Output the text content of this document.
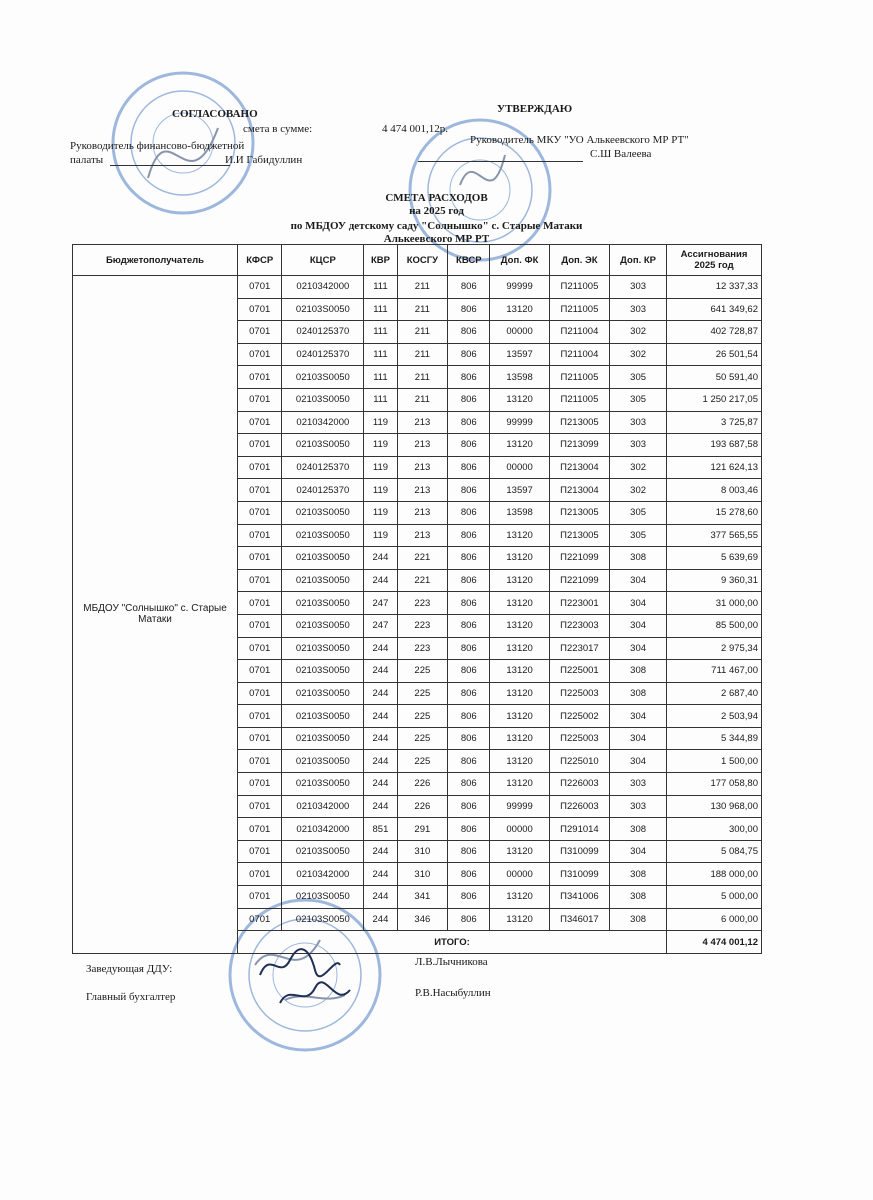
СОГЛАСОВАНО
Руководитель финансово-бюджетной
палаты	И.И Габидуллин
смета в сумме:	4 474 001,12р.
УТВЕРЖДАЮ
Руководитель МКУ "УО Алькеевского МР РТ"
С.Ш Валеева
СМЕТА РАСХОДОВ
на 2025 год
по МБДОУ детскому саду "Солнышко" с. Старые Матаки
Алькеевского МР РТ
Бюджетополучатель	КФСР	КЦСР	КВР	КОСГУ	КВСР	Доп. ФК	Доп. ЭК	Доп. КР	Ассигнования 2025 год
МБДОУ "Солнышко" с. Старые Матаки	0701	0210342000	111	211	806	99999	П211005	303	12 337,33
	0701	02103S0050	111	211	806	13120	П211005	303	641 349,62
	0701	0240125370	111	211	806	00000	П211004	302	402 728,87
	0701	0240125370	111	211	806	13597	П211004	302	26 501,54
	0701	02103S0050	111	211	806	13598	П211005	305	50 591,40
	0701	02103S0050	111	211	806	13120	П211005	305	1 250 217,05
	0701	0210342000	119	213	806	99999	П213005	303	3 725,87
	0701	02103S0050	119	213	806	13120	П213099	303	193 687,58
	0701	0240125370	119	213	806	00000	П213004	302	121 624,13
	0701	0240125370	119	213	806	13597	П213004	302	8 003,46
	0701	02103S0050	119	213	806	13598	П213005	305	15 278,60
	0701	02103S0050	119	213	806	13120	П213005	305	377 565,55
	0701	02103S0050	244	221	806	13120	П221099	308	5 639,69
	0701	02103S0050	244	221	806	13120	П221099	304	9 360,31
	0701	02103S0050	247	223	806	13120	П223001	304	31 000,00
	0701	02103S0050	247	223	806	13120	П223003	304	85 500,00
	0701	02103S0050	244	223	806	13120	П223017	304	2 975,34
	0701	02103S0050	244	225	806	13120	П225001	308	711 467,00
	0701	02103S0050	244	225	806	13120	П225003	308	2 687,40
	0701	02103S0050	244	225	806	13120	П225002	304	2 503,94
	0701	02103S0050	244	225	806	13120	П225003	304	5 344,89
	0701	02103S0050	244	225	806	13120	П225010	304	1 500,00
	0701	02103S0050	244	226	806	13120	П226003	303	177 058,80
	0701	0210342000	244	226	806	99999	П226003	303	130 968,00
	0701	0210342000	851	291	806	00000	П291014	308	300,00
	0701	02103S0050	244	310	806	13120	П310099	304	5 084,75
	0701	0210342000	244	310	806	00000	П310099	308	188 000,00
	0701	02103S0050	244	341	806	13120	П341006	308	5 000,00
	0701	02103S0050	244	346	806	13120	П346017	308	6 000,00
	ИТОГО:								4 474 001,12
Заведующая ДДУ:
Л.В.Лычникова
Главный бухгалтер	Р.В.Насыбуллин
